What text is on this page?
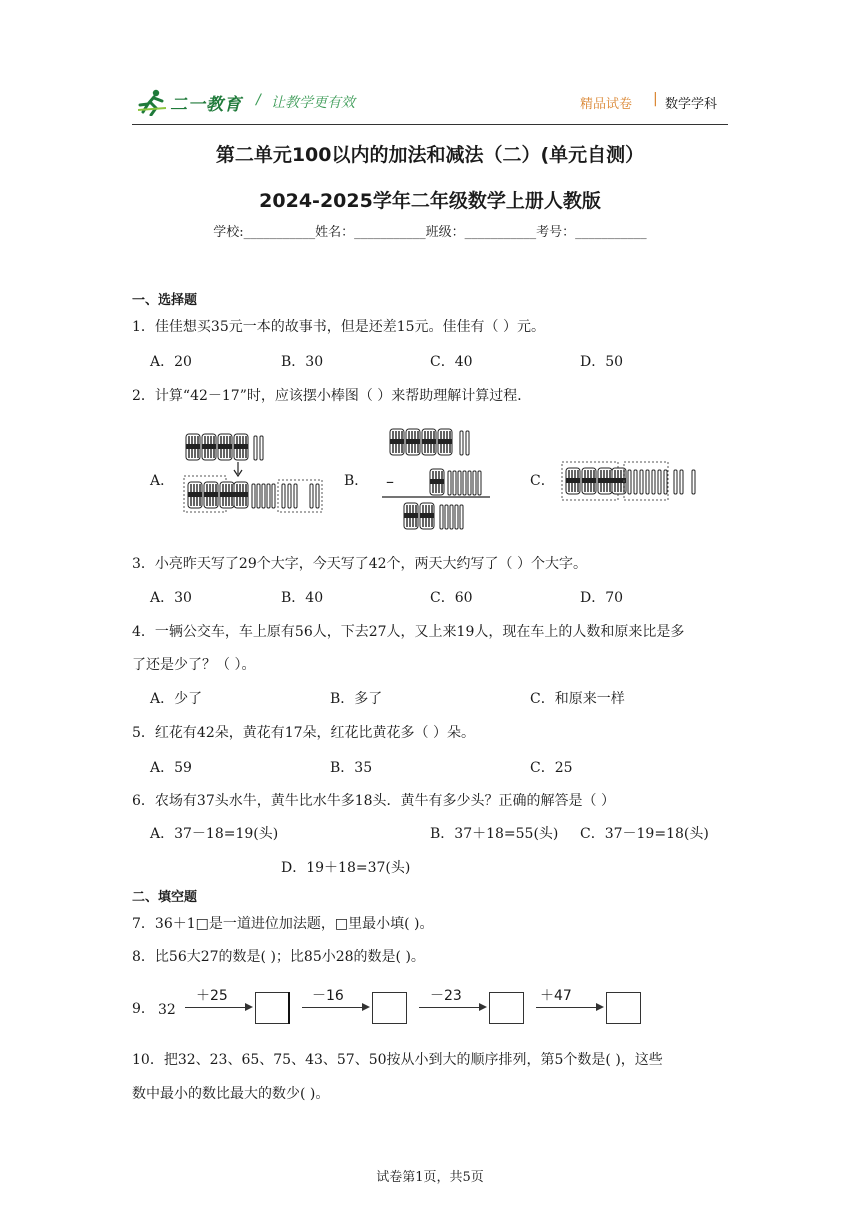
二一教育 / 让教学更有效	精品试卷 | 数学学科
第二单元100以内的加法和减法（二）(单元自测）
2024-2025学年二年级数学上册人教版
学校:___________姓名：___________班级：___________考号：___________
一、选择题
1．佳佳想买35元一本的故事书，但是还差15元。佳佳有（ ）元。
A．20	B．30	C．40	D．50
2．计算“42－17”时，应该摆小棒图（ ）来帮助理解计算过程．
A．	B．	C．
–
3．小亮昨天写了29个大字，今天写了42个，两天大约写了（ ）个大字。
A．30	B．40	C．60	D．70
4．一辆公交车，车上原有56人，下去27人，又上来19人，现在车上的人数和原来比是多
了还是少了？（ ）。
A．少了	B．多了	C．和原来一样
5．红花有42朵，黄花有17朵，红花比黄花多（ ）朵。
A．59	B．35	C．25
6．农场有37头水牛，黄牛比水牛多18头．黄牛有多少头？正确的解答是（ ）
A．37－18=19(头)	B．37＋18=55(头) C．37－19=18(头)
D．19＋18=37(头)
二、填空题
7．36＋1□是一道进位加法题，□里最小填( )。
8．比56大27的数是( )；比85小28的数是( )。
9． 32
＋25	－16	－23	＋47
10．把32、23、65、75、43、57、50按从小到大的顺序排列，第5个数是( )，这些
数中最小的数比最大的数少( )。
试卷第1页，共5页
